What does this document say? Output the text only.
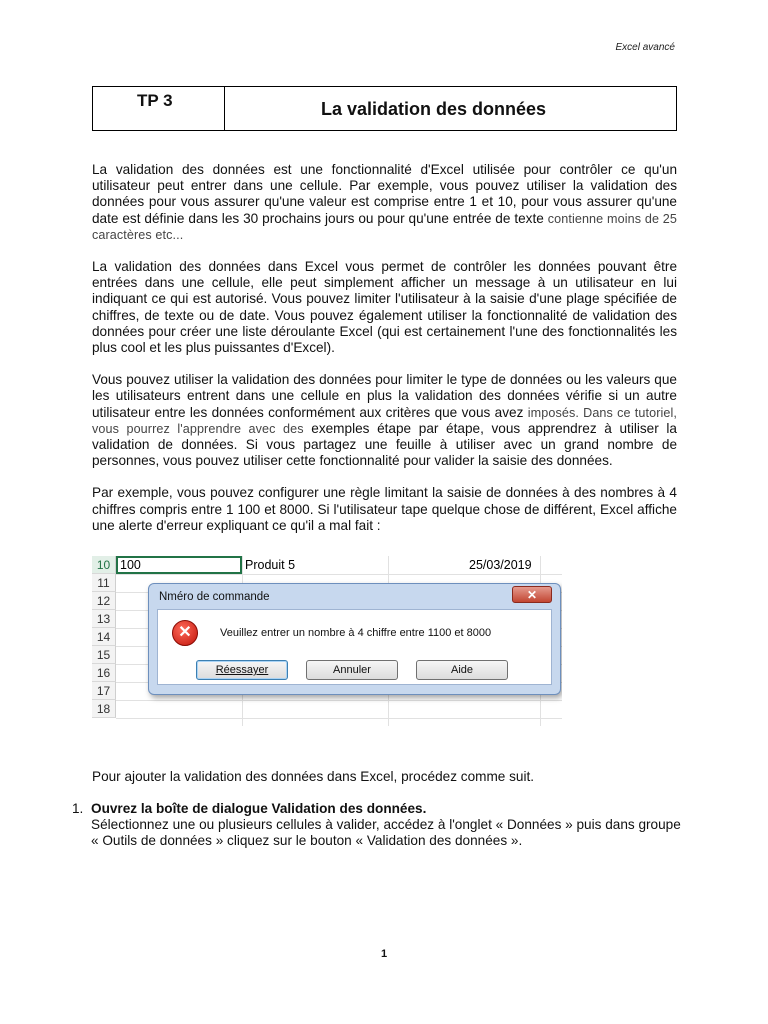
Excel avancé
TP 3	La validation des données

La validation des données est une fonctionnalité d'Excel utilisée pour contrôler ce qu'un utilisateur peut entrer dans une cellule. Par exemple, vous pouvez utiliser la validation des données pour vous assurer qu'une valeur est comprise entre 1 et 10, pour vous assurer qu'une date est définie dans les 30 prochains jours ou pour qu'une entrée de texte contienne moins de 25 caractères etc...

La validation des données dans Excel vous permet de contrôler les données pouvant être entrées dans une cellule, elle peut simplement afficher un message à un utilisateur en lui indiquant ce qui est autorisé. Vous pouvez limiter l'utilisateur à la saisie d'une plage spécifiée de chiffres, de texte ou de date. Vous pouvez également utiliser la fonctionnalité de validation des données pour créer une liste déroulante Excel (qui est certainement l'une des fonctionnalités les plus cool et les plus puissantes d'Excel).

Vous pouvez utiliser la validation des données pour limiter le type de données ou les valeurs que les utilisateurs entrent dans une cellule en plus la validation des données vérifie si un autre utilisateur entre les données conformément aux critères que vous avez imposés. Dans ce tutoriel, vous pourrez l'apprendre avec des exemples étape par étape, vous apprendrez à utiliser la validation de données. Si vous partagez une feuille à utiliser avec un grand nombre de personnes, vous pouvez utiliser cette fonctionnalité pour valider la saisie des données.

Par exemple, vous pouvez configurer une règle limitant la saisie de données à des nombres à 4 chiffres compris entre 1 100 et 8000. Si l'utilisateur tape quelque chose de différent, Excel affiche une alerte d'erreur expliquant ce qu'il a mal fait :

10
11
12
13
14
15
16
17
18
100	Produit 5	25/03/2019
Nméro de commande	✕
✕	Veuillez entrer un nombre à 4 chiffre entre 1100 et 8000
Réessayer	Annuler	Aide
Pour ajouter la validation des données dans Excel, procédez comme suit.
1. Ouvrez la boîte de dialogue Validation des données.
Sélectionnez une ou plusieurs cellules à valider, accédez à l'onglet « Données » puis dans groupe « Outils de données » cliquez sur le bouton « Validation des données ».
1
